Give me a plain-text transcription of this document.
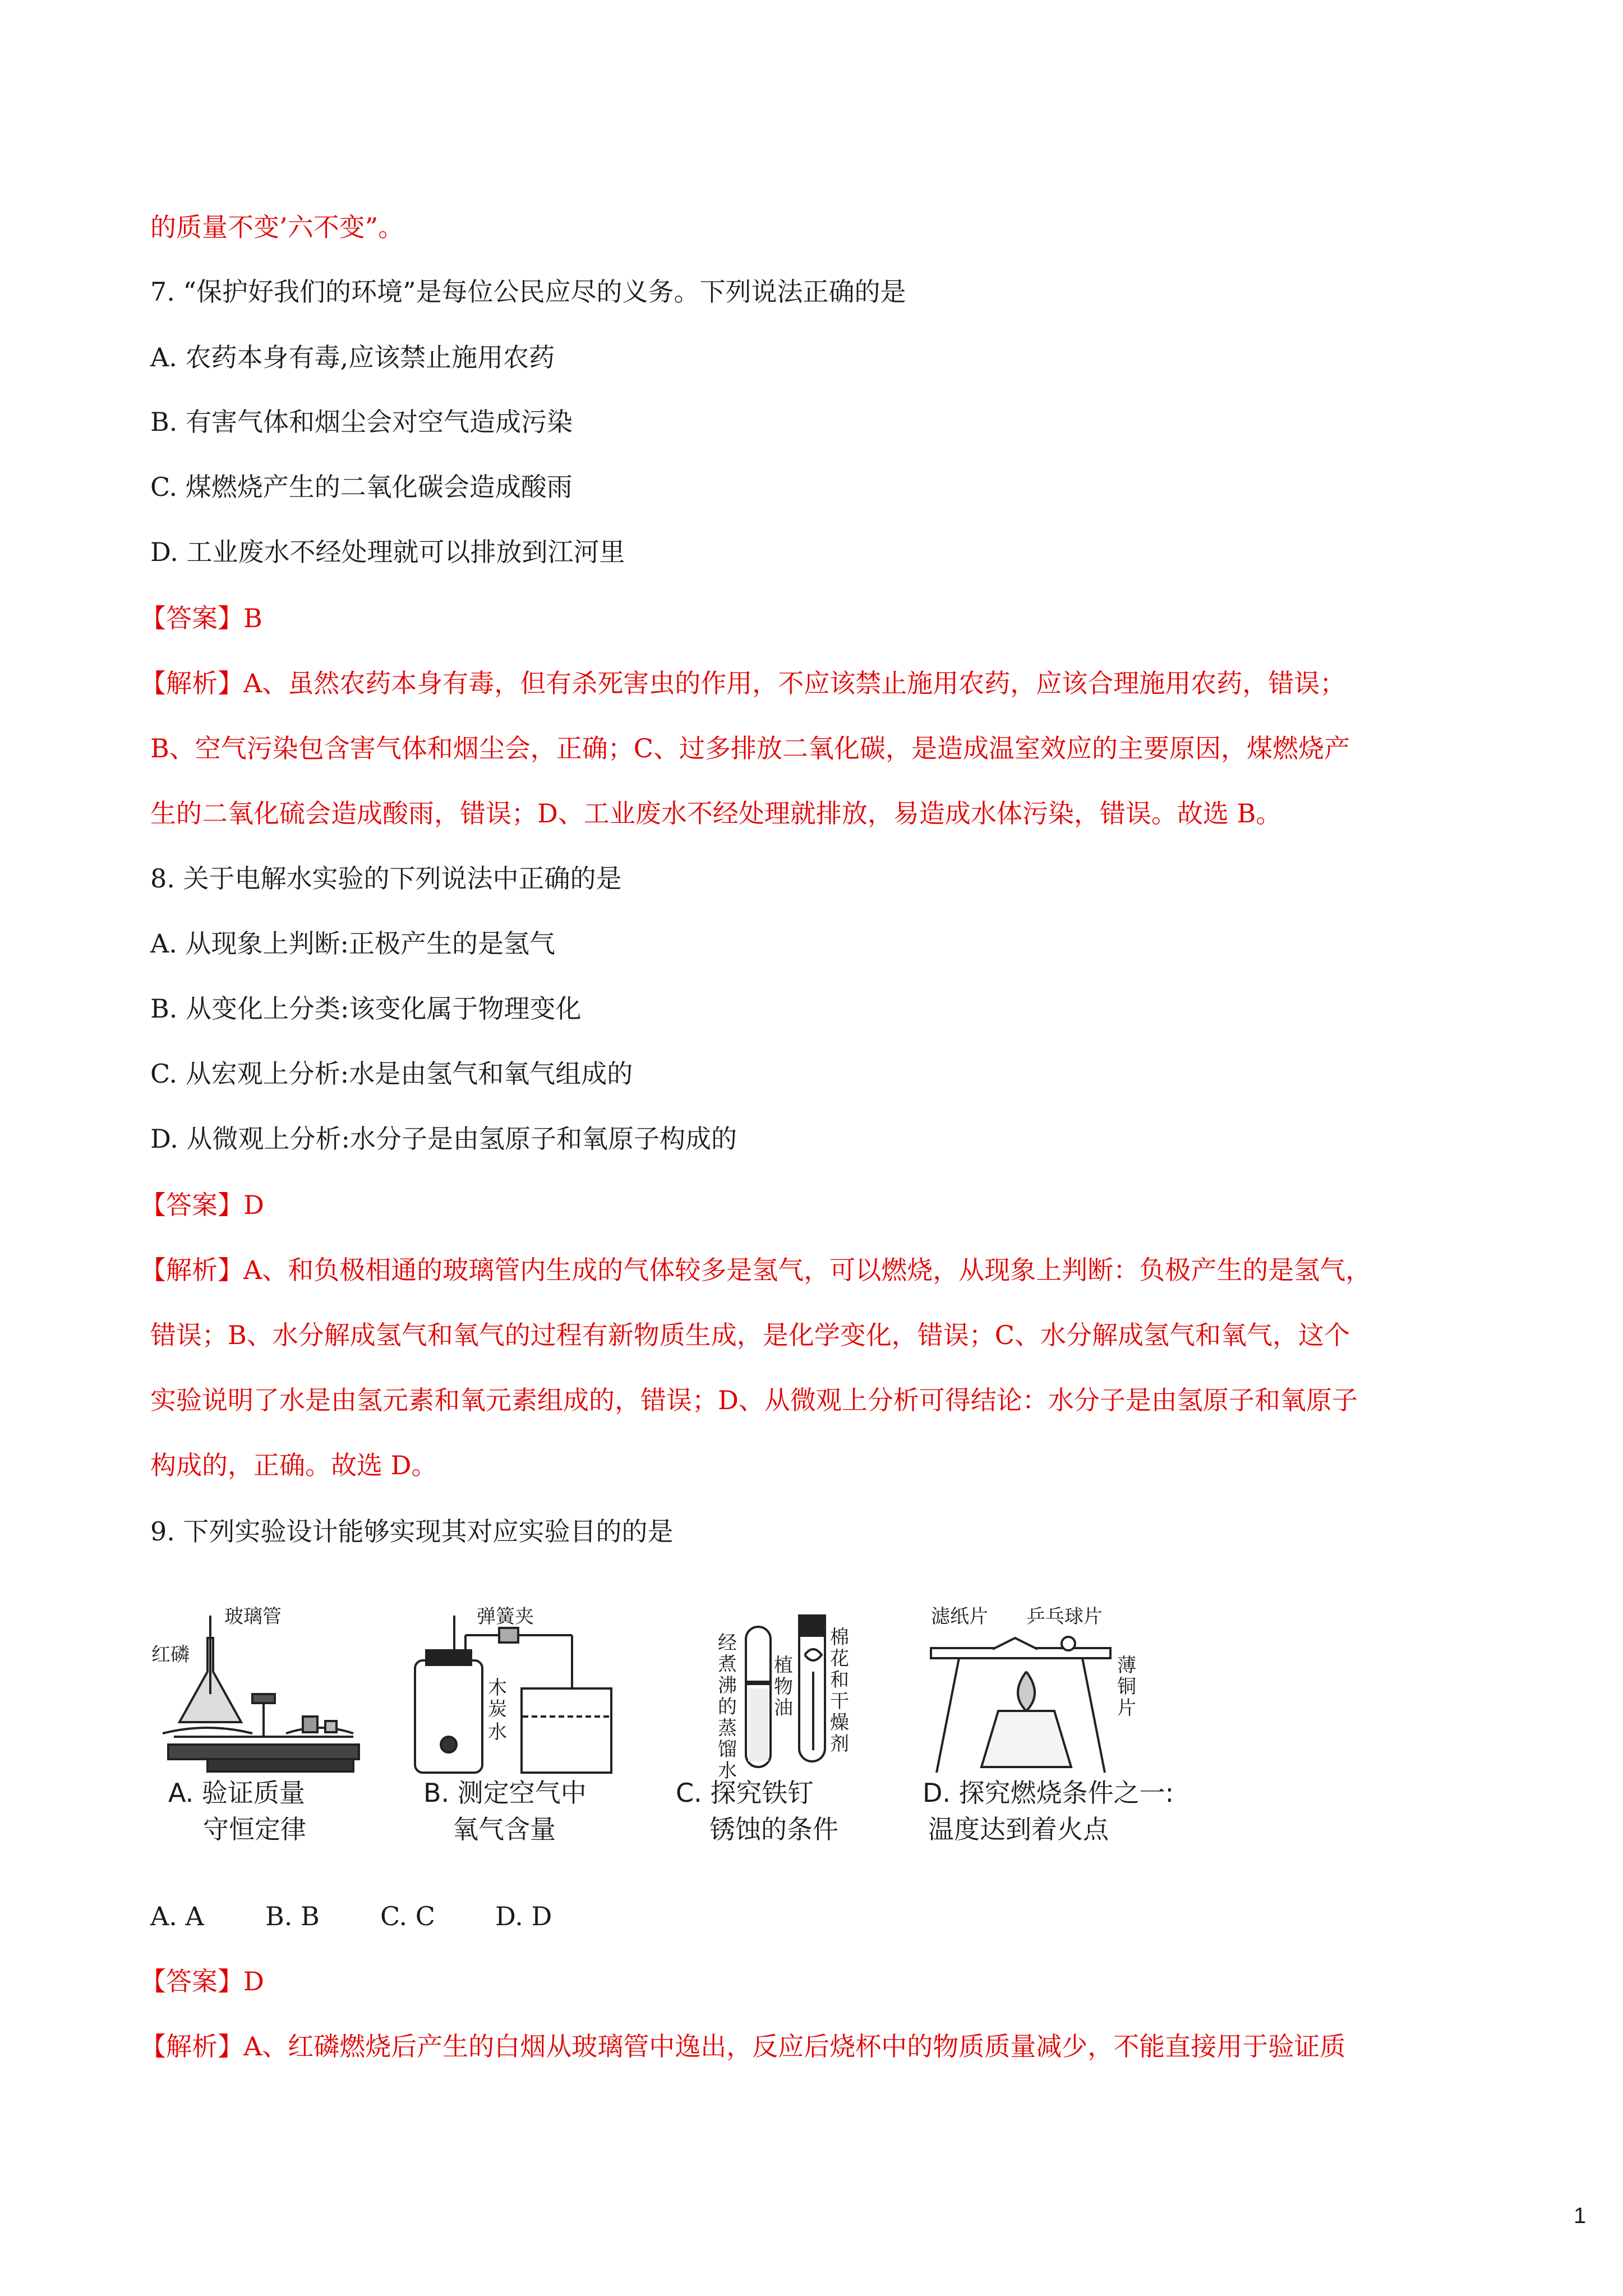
的质量不变’六不变”。
7. “保护好我们的环境”是每位公民应尽的义务。下列说法正确的是
A. 农药本身有毒,应该禁止施用农药
B. 有害气体和烟尘会对空气造成污染
C. 煤燃烧产生的二氧化碳会造成酸雨
D. 工业废水不经处理就可以排放到江河里
【答案】B
【解析】A、虽然农药本身有毒，但有杀死害虫的作用，不应该禁止施用农药，应该合理施用农药，错误；
B、空气污染包含害气体和烟尘会，正确；C、过多排放二氧化碳，是造成温室效应的主要原因，煤燃烧产
生的二氧化硫会造成酸雨，错误；D、工业废水不经处理就排放，易造成水体污染，错误。故选 B。
8. 关于电解水实验的下列说法中正确的是
A. 从现象上判断:正极产生的是氢气
B. 从变化上分类:该变化属于物理变化
C. 从宏观上分析:水是由氢气和氧气组成的
D. 从微观上分析:水分子是由氢原子和氧原子构成的
【答案】D
【解析】A、和负极相通的玻璃管内生成的气体较多是氢气，可以燃烧，从现象上判断：负极产生的是氢气，
错误；B、水分解成氢气和氧气的过程有新物质生成，是化学变化，错误；C、水分解成氢气和氧气，这个
实验说明了水是由氢元素和氧元素组成的，错误；D、从微观上分析可得结论：水分子是由氢原子和氧原子
构成的，正确。故选 D。
9. 下列实验设计能够实现其对应实验目的的是
玻璃管
红磷
弹簧夹
木炭
水
经煮沸的蒸馏水
植物油
棉花和干燥剂
滤纸片 乒乓球片
薄铜片
A. 验证质量
守恒定律
B. 测定空气中
氧气含量
C. 探究铁钉
锈蚀的条件
D. 探究燃烧条件之一:
温度达到着火点
A. A B. B C. C D. D
【答案】D
【解析】A、红磷燃烧后产生的白烟从玻璃管中逸出，反应后烧杯中的物质质量减少，不能直接用于验证质
1
